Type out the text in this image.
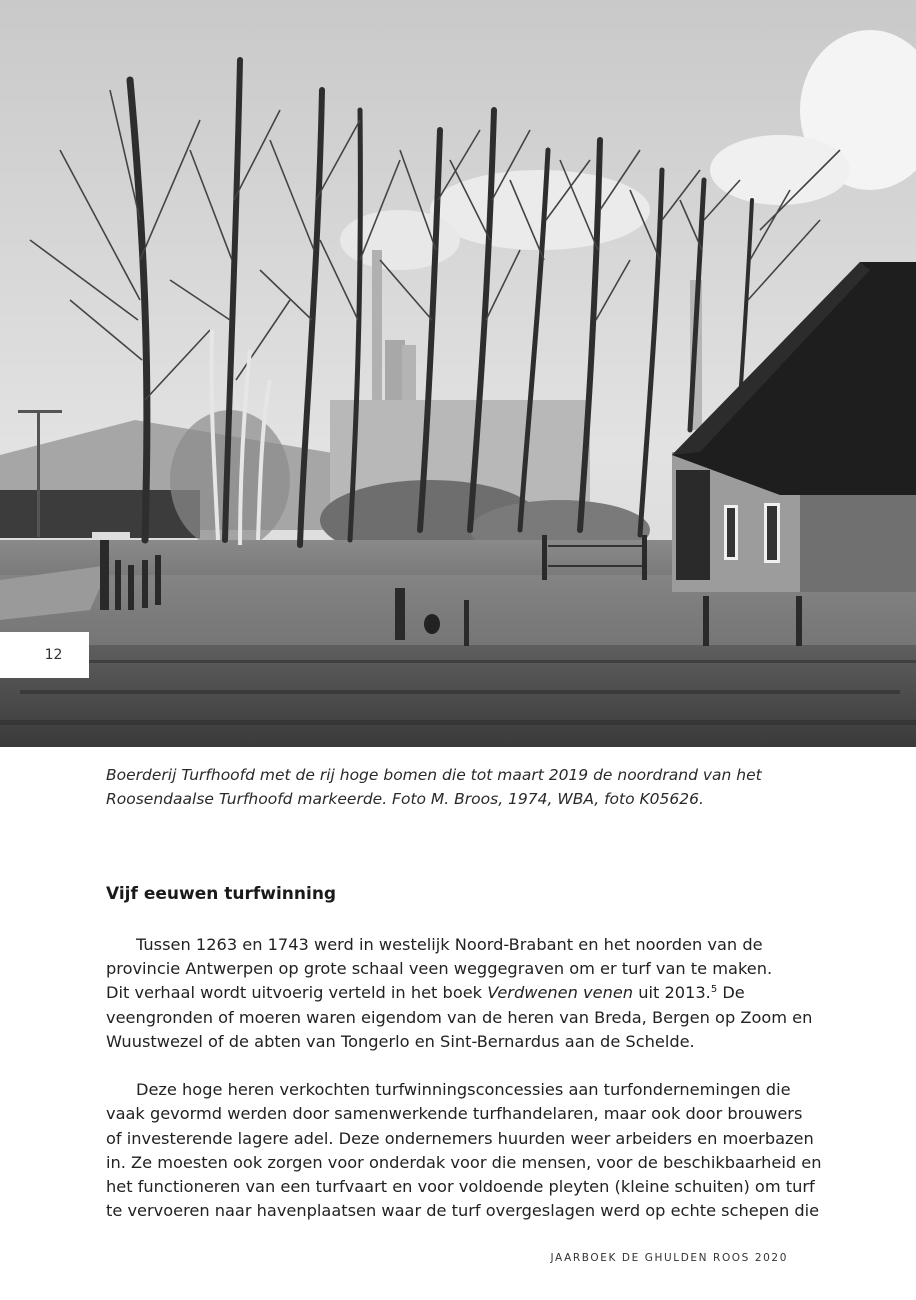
12

Boerderij Turfhoofd met de rij hoge bomen die tot maart 2019 de noordrand van het

Roosendaalse Turfhoofd markeerde. Foto M. Broos, 1974, WBA, foto K05626.

Vijf eeuwen turfwinning

Tussen 1263 en 1743 werd in westelijk Noord-Brabant en het noorden van de
provincie Antwerpen op grote schaal veen weggegraven om er turf van te maken.
Dit verhaal wordt uitvoerig verteld in het boek Verdwenen venen uit 2013.$^5$ De
veengronden of moeren waren eigendom van de heren van Breda, Bergen op Zoom en
Wuustwezel of de abten van Tongerlo en Sint-Bernardus aan de Schelde.

Deze hoge heren verkochten turfwinningsconcessies aan turfondernemingen die
vaak gevormd werden door samenwerkende turfhandelaren, maar ook door brouwers
of investerende lagere adel. Deze ondernemers huurden weer arbeiders en moerbazen
in. Ze moesten ook zorgen voor onderdak voor die mensen, voor de beschikbaarheid en
het functioneren van een turfvaart en voor voldoende pleyten (kleine schuiten) om turf
te vervoeren naar havenplaatsen waar de turf overgeslagen werd op echte schepen die

JAARBOEK DE GHULDEN ROOS 2020
